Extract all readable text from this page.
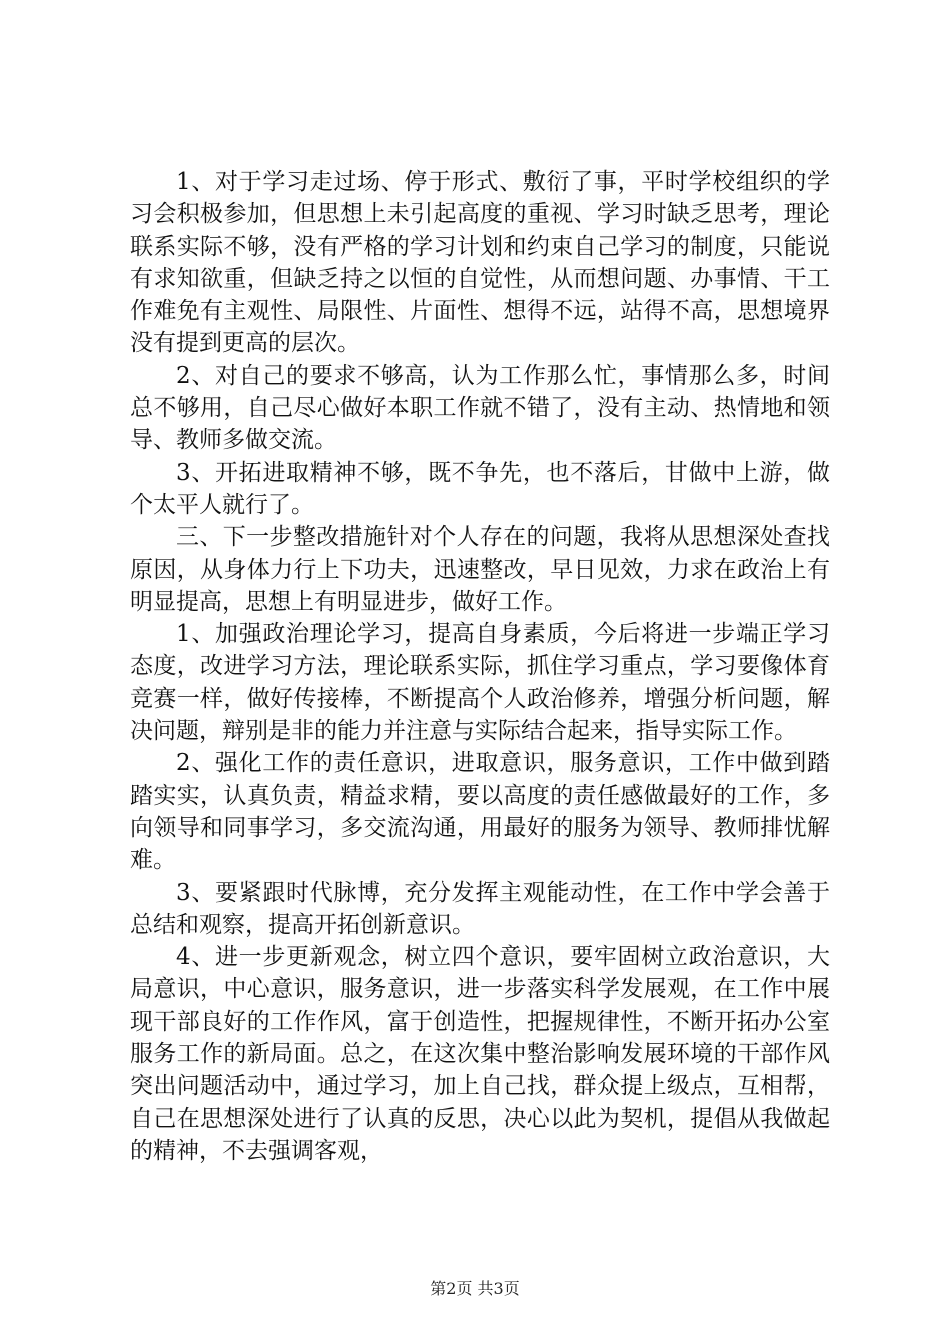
1、对于学习走过场、停于形式、敷衍了事，平时学校组织的学习会积极参加，但思想上未引起高度的重视、学习时缺乏思考，理论联系实际不够，没有严格的学习计划和约束自己学习的制度，只能说有求知欲重，但缺乏持之以恒的自觉性，从而想问题、办事情、干工作难免有主观性、局限性、片面性、想得不远，站得不高，思想境界没有提到更高的层次。

2、对自己的要求不够高，认为工作那么忙，事情那么多，时间总不够用，自己尽心做好本职工作就不错了，没有主动、热情地和领导、教师多做交流。

3、开拓进取精神不够，既不争先，也不落后，甘做中上游，做个太平人就行了。

三、下一步整改措施针对个人存在的问题，我将从思想深处查找原因，从身体力行上下功夫，迅速整改，早日见效，力求在政治上有明显提高，思想上有明显进步，做好工作。

1、加强政治理论学习，提高自身素质，今后将进一步端正学习态度，改进学习方法，理论联系实际，抓住学习重点，学习要像体育竞赛一样，做好传接棒，不断提高个人政治修养，增强分析问题，解决问题，辩别是非的能力并注意与实际结合起来，指导实际工作。

2、强化工作的责任意识，进取意识，服务意识，工作中做到踏踏实实，认真负责，精益求精，要以高度的责任感做最好的工作，多向领导和同事学习，多交流沟通，用最好的服务为领导、教师排忧解难。

3、要紧跟时代脉博，充分发挥主观能动性，在工作中学会善于总结和观察，提高开拓创新意识。

4、进一步更新观念，树立四个意识，要牢固树立政治意识，大局意识，中心意识，服务意识，进一步落实科学发展观，在工作中展现干部良好的工作作风，富于创造性，把握规律性，不断开拓办公室服务工作的新局面。总之，在这次集中整治影响发展环境的干部作风突出问题活动中，通过学习，加上自己找，群众提上级点，互相帮，自己在思想深处进行了认真的反思，决心以此为契机，提倡从我做起的精神，不去强调客观，

第2页 共3页
